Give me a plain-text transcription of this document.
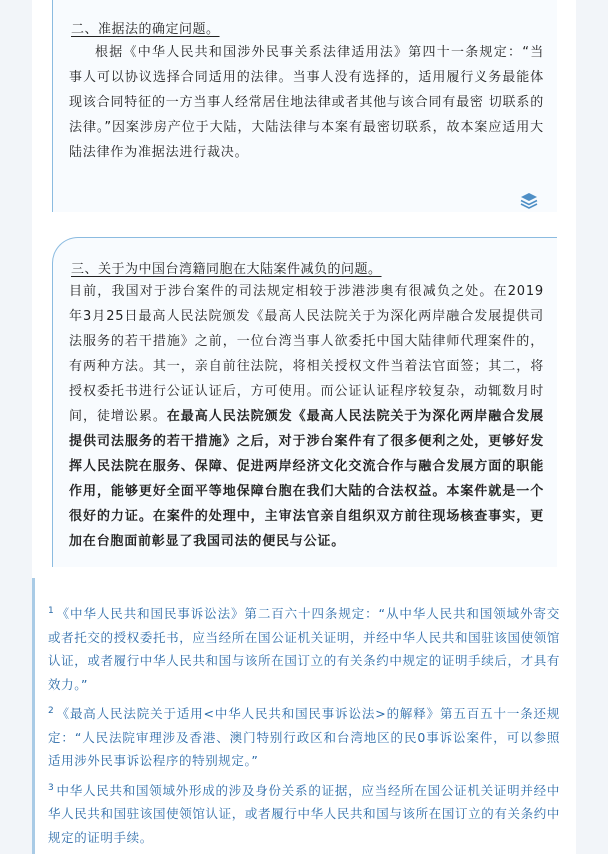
二、准据法的确定问题。
根据《中华人民共和国涉外民事关系法律适用法》第四十一条规定：“当事人可以协议选择合同适用的法律。当事人没有选择的，适用履行义务最能体现该合同特征的一方当事人经常居住地法律或者其他与该合同有最密 切联系的法律。”因案涉房产位于大陆，大陆法律与本案有最密切联系，故本案应适用大陆法律作为准据法进行裁决。
三、关于为中国台湾籍同胞在大陆案件减负的问题。
目前，我国对于涉台案件的司法规定相较于涉港涉奥有很减负之处。在2019年3月25日最高人民法院颁发《最高人民法院关于为深化两岸融合发展提供司法服务的若干措施》之前，一位台湾当事人欲委托中国大陆律师代理案件的，有两种方法。其一，亲自前往法院，将相关授权文件当着法官面签；其二，将授权委托书进行公证认证后，方可使用。而公证认证程序较复杂，动辄数月时间，徒增讼累。在最高人民法院颁发《最高人民法院关于为深化两岸融合发展提供司法服务的若干措施》之后，对于涉台案件有了很多便利之处，更够好发挥人民法院在服务、保障、促进两岸经济文化交流合作与融合发展方面的职能作用，能够更好全面平等地保障台胞在我们大陆的合法权益。本案件就是一个很好的力证。在案件的处理中，主审法官亲自组织双方前往现场核查事实，更加在台胞面前彰显了我国司法的便民与公证。
$^1$ 《中华人民共和国民事诉讼法》第二百六十四条规定：“从中华人民共和国领域外寄交或者托交的授权委托书，应当经所在国公证机关证明，并经中华人民共和国驻该国使领馆认证，或者履行中华人民共和国与该所在国订立的有关条约中规定的证明手续后，才具有效力。”
$^2$ 《最高人民法院关于适用<中华人民共和国民事诉讼法>的解释》第五百五十一条还规定：“人民法院审理涉及香港、澳门特别行政区和台湾地区的民0事诉讼案件，可以参照适用涉外民事诉讼程序的特别规定。”
$^3$ 中华人民共和国领域外形成的涉及身份关系的证据，应当经所在国公证机关证明并经中华人民共和国驻该国使领馆认证，或者履行中华人民共和国与该所在国订立的有关条约中规定的证明手续。
